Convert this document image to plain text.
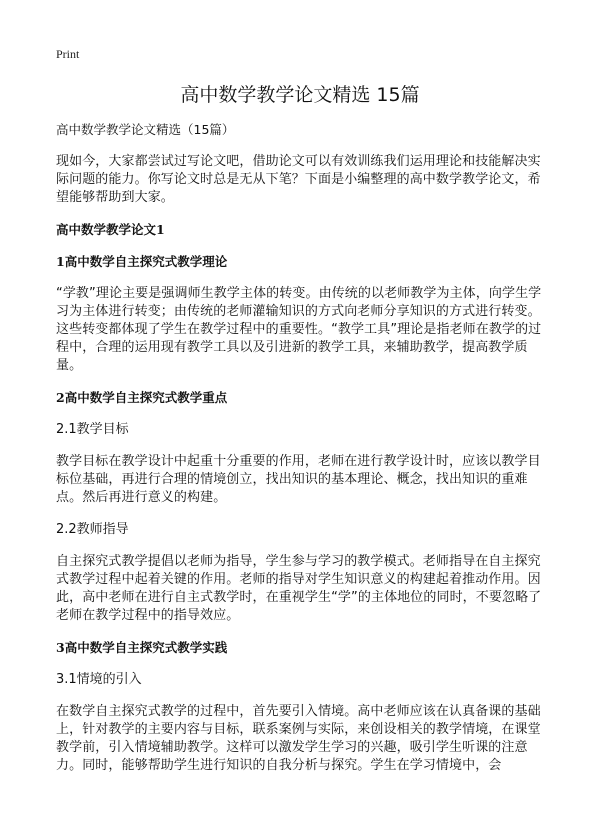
Print
高中数学教学论文精选 15篇
高中数学教学论文精选（15篇）

现如今，大家都尝试过写论文吧，借助论文可以有效训练我们运用理论和技能解决实际问题的能力。你写论文时总是无从下笔？下面是小编整理的高中数学教学论文，希望能够帮助到大家。

高中数学教学论文1
1高中数学自主探究式教学理论

“学教”理论主要是强调师生教学主体的转变。由传统的以老师教学为主体，向学生学习为主体进行转变；由传统的老师灌输知识的方式向老师分享知识的方式进行转变。这些转变都体现了学生在教学过程中的重要性。“教学工具”理论是指老师在教学的过程中，合理的运用现有教学工具以及引进新的教学工具，来辅助教学，提高教学质量。

2高中数学自主探究式教学重点
2.1教学目标

教学目标在教学设计中起重十分重要的作用，老师在进行教学设计时，应该以教学目标位基础，再进行合理的情境创立，找出知识的基本理论、概念，找出知识的重难点。然后再进行意义的构建。

2.2教师指导

自主探究式教学提倡以老师为指导，学生参与学习的教学模式。老师指导在自主探究式教学过程中起着关键的作用。老师的指导对学生知识意义的构建起着推动作用。因此，高中老师在进行自主式教学时，在重视学生“学”的主体地位的同时，不要忽略了老师在教学过程中的指导效应。

3高中数学自主探究式教学实践
3.1情境的引入

在数学自主探究式教学的过程中，首先要引入情境。高中老师应该在认真备课的基础上，针对教学的主要内容与目标，联系案例与实际，来创设相关的教学情境，在课堂教学前，引入情境辅助教学。这样可以激发学生学习的兴趣，吸引学生听课的注意力。同时，能够帮助学生进行知识的自我分析与探究。学生在学习情境中，会
